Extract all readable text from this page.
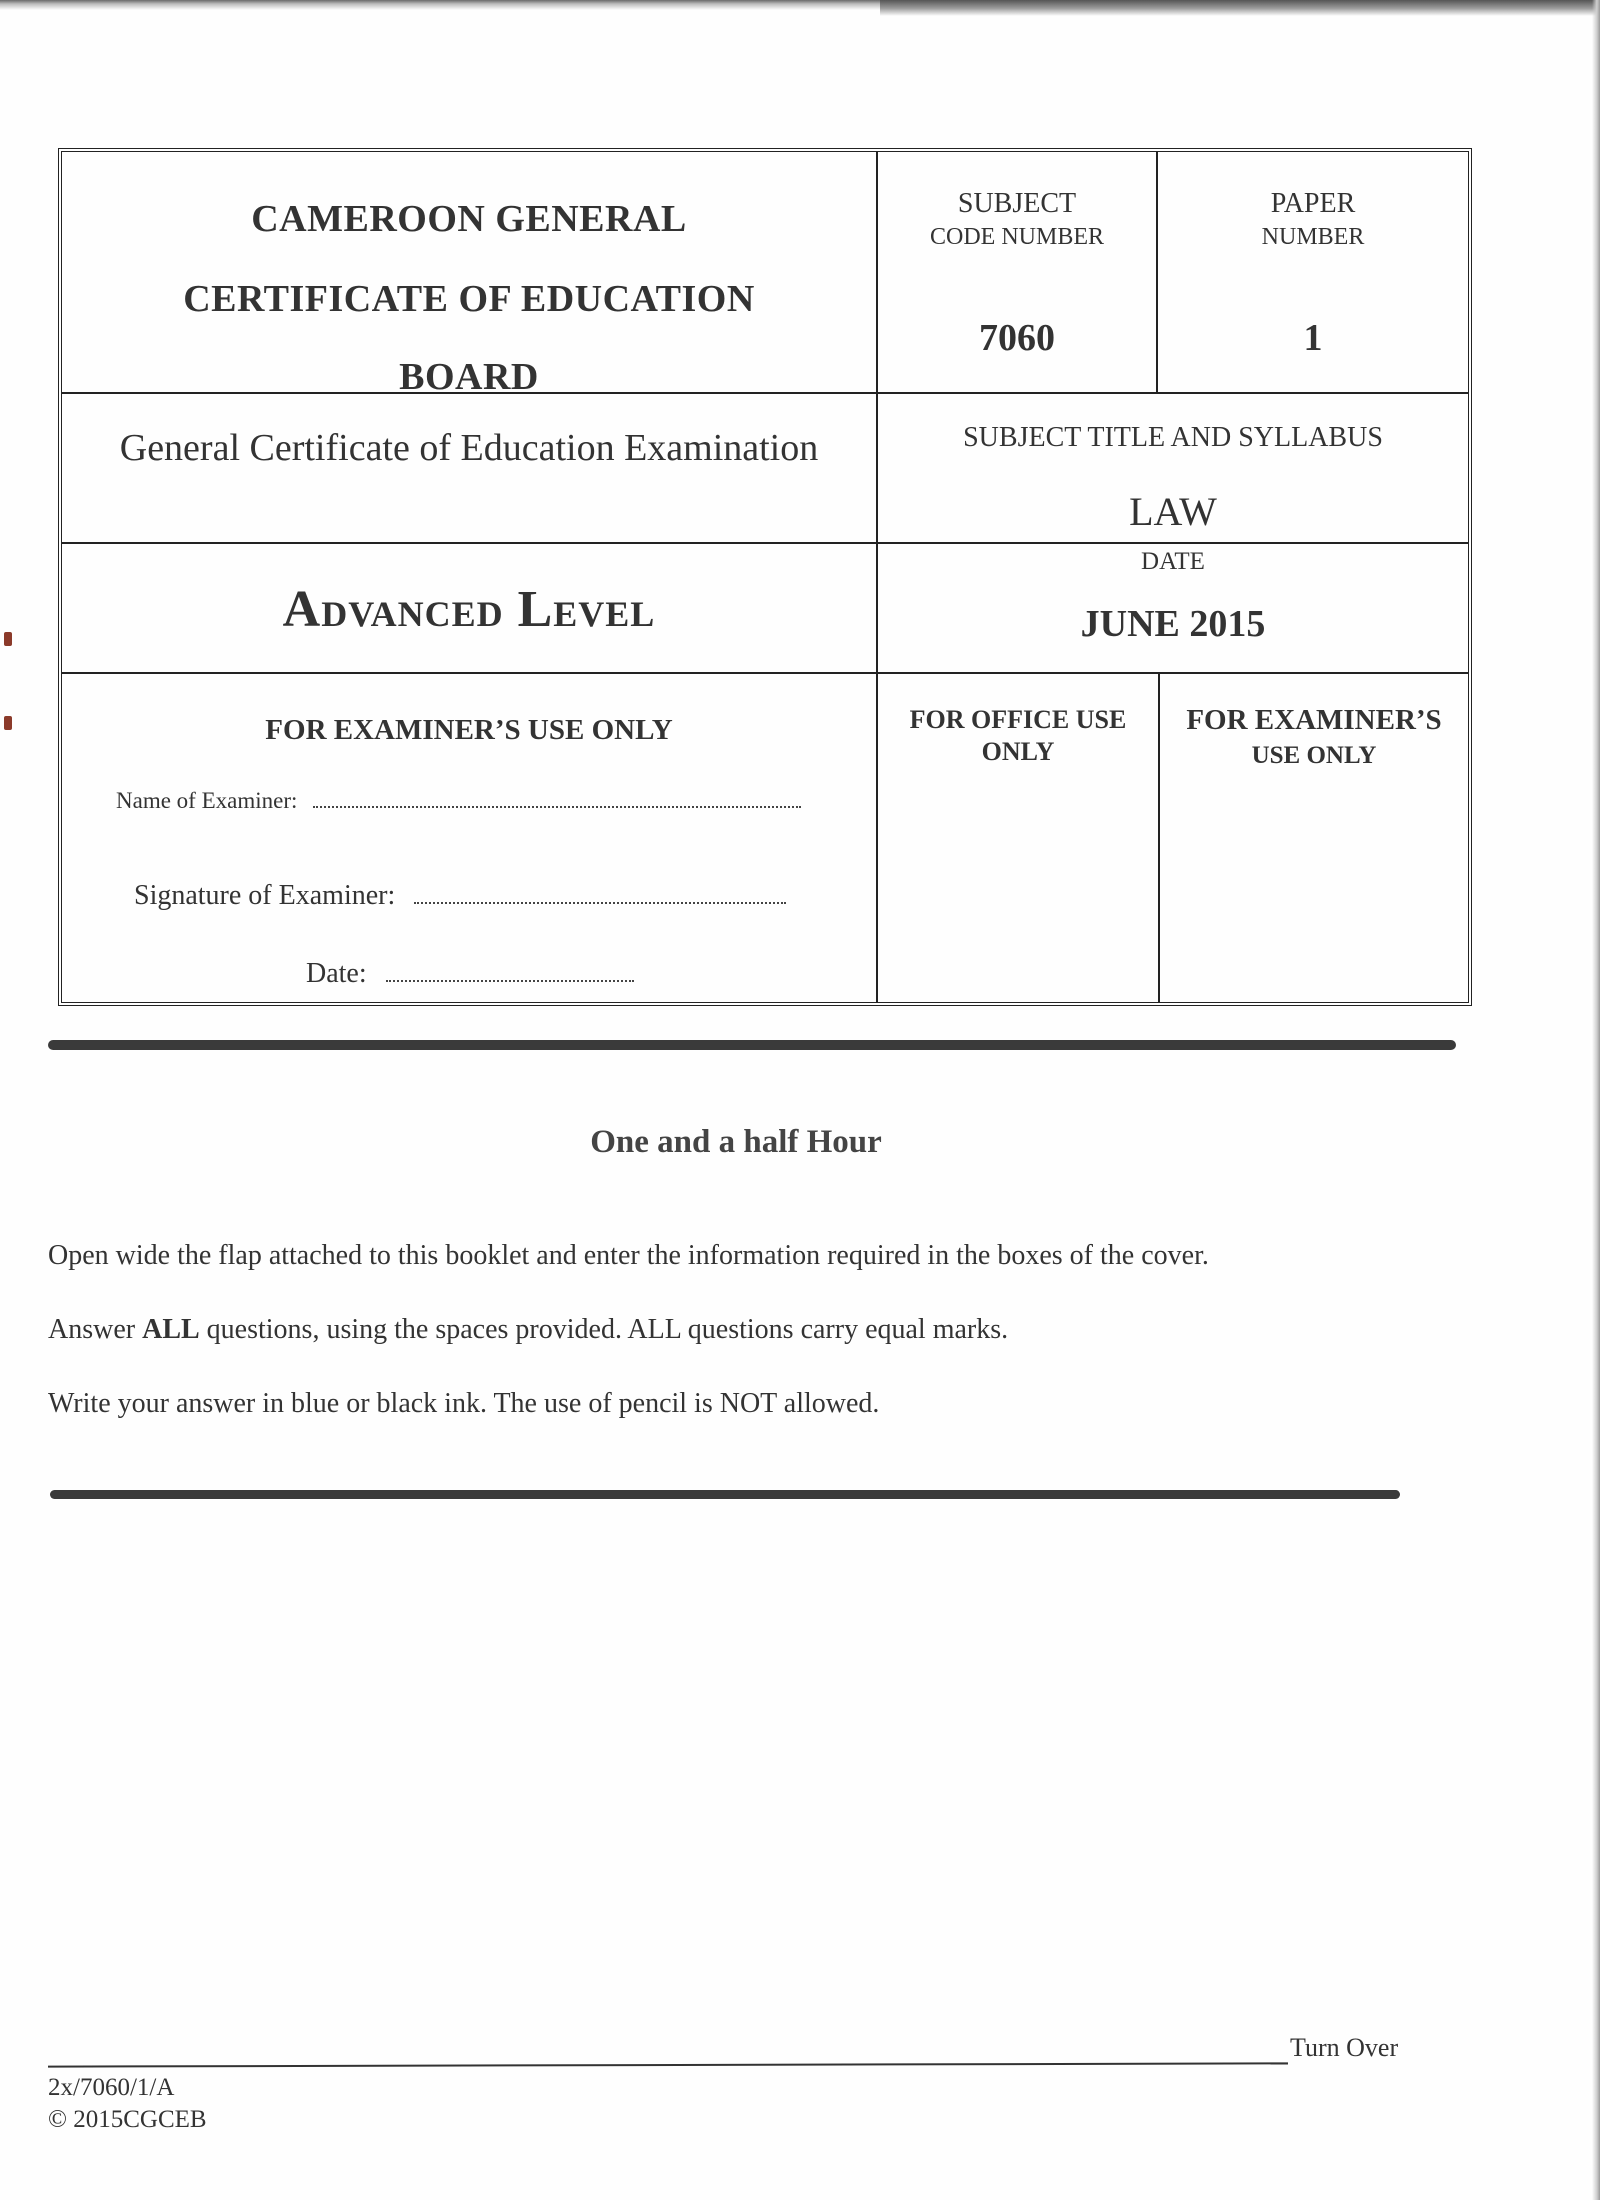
CAMEROON GENERAL
CERTIFICATE OF EDUCATION
BOARD
SUBJECT
CODE NUMBER
7060
PAPER
NUMBER
1
General Certificate of Education Examination	SUBJECT TITLE AND SYLLABUS
LAW
Advanced Level
DATE
JUNE 2015
FOR EXAMINER’S USE ONLY
Name of Examiner:
Signature of Examiner:
Date:
FOR OFFICE USE
ONLY
FOR EXAMINER’S
USE ONLY
One and a half Hour
Open wide the flap attached to this booklet and enter the information required in the boxes of the cover.
Answer ALL questions, using the spaces provided. ALL questions carry equal marks.
Write your answer in blue or black ink. The use of pencil is NOT allowed.
Turn Over
2x/7060/1/A
© 2015CGCEB
